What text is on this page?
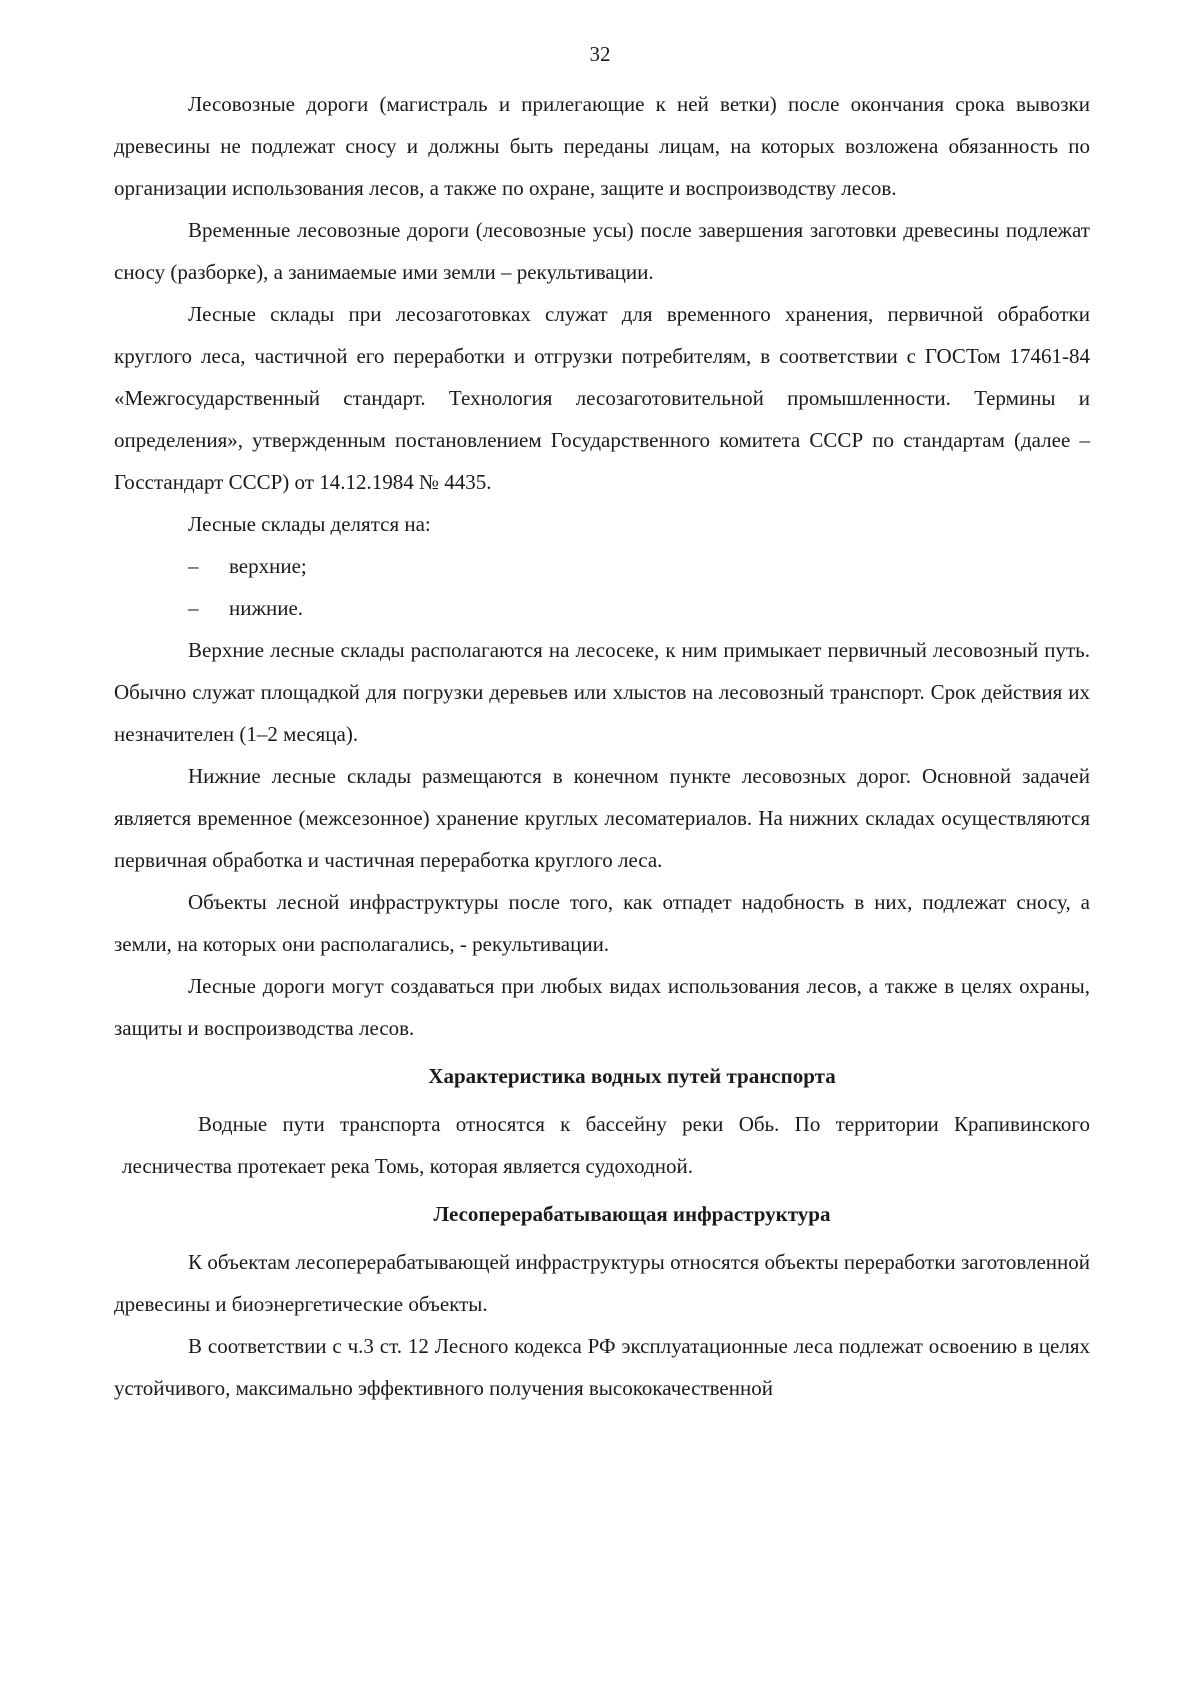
32

Лесовозные дороги (магистраль и прилегающие к ней ветки) после окончания срока вывозки древесины не подлежат сносу и должны быть переданы лицам, на которых возложена обязанность по организации использования лесов, а также по охране, защите и воспроизводству лесов.

Временные лесовозные дороги (лесовозные усы) после завершения заготовки древесины подлежат сносу (разборке), а занимаемые ими земли – рекультивации.

Лесные склады при лесозаготовках служат для временного хранения, первичной обработки круглого леса, частичной его переработки и отгрузки потребителям, в соответствии с ГОСТом 17461-84 «Межгосударственный стандарт. Технология лесозаготовительной промышленности. Термины и определения», утвержденным постановлением Государственного комитета СССР по стандартам (далее – Госстандарт СССР) от 14.12.1984 № 4435.

Лесные склады делятся на:

– верхние;

– нижние.

Верхние лесные склады располагаются на лесосеке, к ним примыкает первичный лесовозный путь. Обычно служат площадкой для погрузки деревьев или хлыстов на лесовозный транспорт. Срок действия их незначителен (1–2 месяца).

Нижние лесные склады размещаются в конечном пункте лесовозных дорог. Основной задачей является временное (межсезонное) хранение круглых лесоматериалов. На нижних складах осуществляются первичная обработка и частичная переработка круглого леса.

Объекты лесной инфраструктуры после того, как отпадет надобность в них, подлежат сносу, а земли, на которых они располагались, - рекультивации.

Лесные дороги могут создаваться при любых видах использования лесов, а также в целях охраны, защиты и воспроизводства лесов.

Характеристика водных путей транспорта

Водные пути транспорта относятся к бассейну реки Обь. По территории Крапивинского лесничества протекает река Томь, которая является судоходной.

Лесоперерабатывающая инфраструктура

К объектам лесоперерабатывающей инфраструктуры относятся объекты переработки заготовленной древесины и биоэнергетические объекты.

В соответствии с ч.3 ст. 12 Лесного кодекса РФ эксплуатационные леса подлежат освоению в целях устойчивого, максимально эффективного получения высококачественной
